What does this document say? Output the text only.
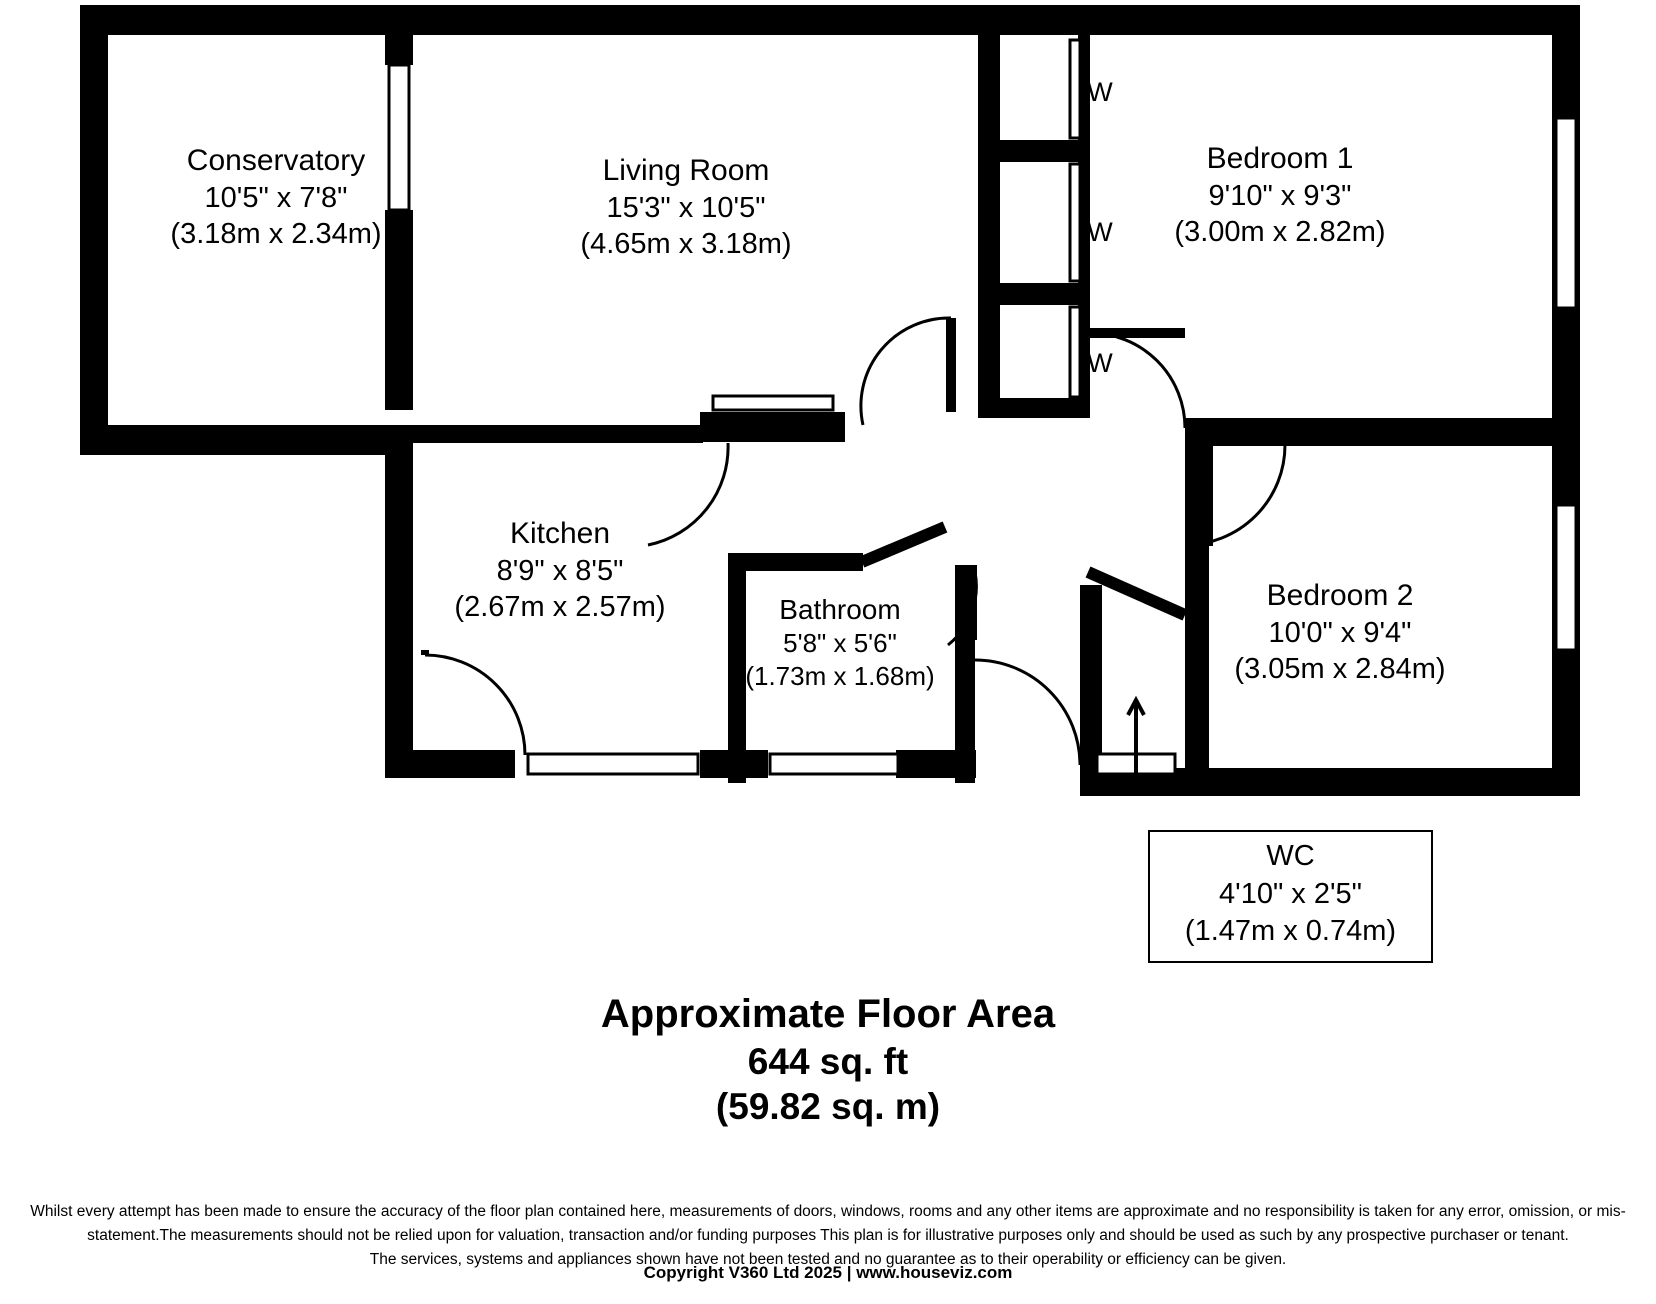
Conservatory
10'5" x 7'8"
(3.18m x 2.34m)
Living Room
15'3" x 10'5"
(4.65m x 3.18m)
Bedroom 1
9'10" x 9'3"
(3.00m x 2.82m)
Kitchen
8'9" x 8'5"
(2.67m x 2.57m)	Bathroom
5'8" x 5'6"
(1.73m x 1.68m)
Bedroom 2
10'0" x 9'4"
(3.05m x 2.84m)
WC
4'10" x 2'5"
(1.47m x 0.74m)
W
W
W
Approximate Floor Area
644 sq. ft
(59.82 sq. m)
Whilst every attempt has been made to ensure the accuracy of the floor plan contained here, measurements of doors, windows, rooms and any other items are approximate and no responsibility is taken for any error, omission, or mis-statement.The measurements should not be relied upon for valuation, transaction and/or funding purposes This plan is for illustrative purposes only and should be used as such by any prospective purchaser or tenant.
The services, systems and appliances shown have not been tested and no guarantee as to their operability or efficiency can be given.
Copyright V360 Ltd 2025 | www.houseviz.com
